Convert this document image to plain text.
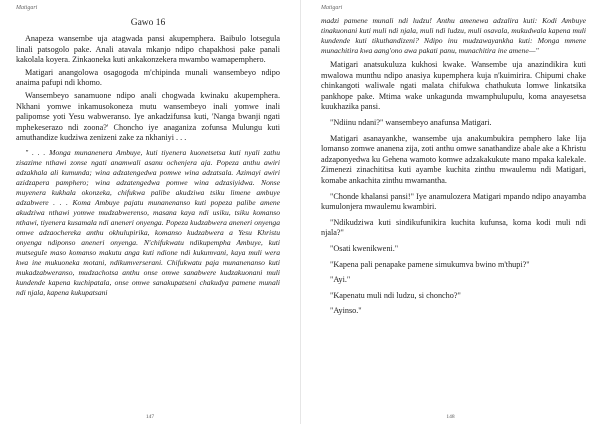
Matigari
Gawo 16

Anapeza wansembe uja atagwada pansi akupemphera. Baibulo lotsegula linali patsogolo pake. Anali atavala mkanjo ndipo chapakhosi pake panali kakolala koyera. Zinkaoneka kuti ankakonzekera mwambo wamapemphero.

Matigari anangolowa osagogoda m'chipinda munali wansembeyo ndipo anaima pafupi ndi khomo.

Wansembeyo sanamuone ndipo anali chogwada kwinaku akupemphera. Nkhani yomwe inkamusokoneza mutu wansembeyo inali yomwe inali palipomse yoti Yesu wabweranso. Iye ankadzifunsa kuti, 'Nanga bwanji ngati mphekeserazo ndi zoona?' Choncho iye anaganiza zofunsa Mulungu kuti amuthandize kudziwa zenizeni zake za nkhaniyi . . .

" . . . Monga munanenera Ambuye, kuti tiyenera kuonetsetsa kuti nyali zathu zisazime nthawi zonse ngati anamwali asanu ochenjera aja. Popeza anthu awiri adzakhala ali kumunda; wina adzatengedwa pomwe wina adzatsala. Azimayi awiri azidzapera pamphero; wina adzatengedwa pomwe wina adzasiyidwa. Nonse muyenera kukhala okonzeka, chifukwa palibe akudziwa tsiku limene ambuye adzabwere . . . Koma Ambuye pajatu munanenanso kuti popeza palibe amene akudziwa nthawi yomwe mudzabwerenso, masana kaya ndi usiku, tsiku komanso nthawi, tiyenera kusamala ndi aneneri onyenga. Popeza kudzabwera aneneri onyenga omwe adzaochereka anthu okhulupirika, komanso kudzabwera a Yesu Khristu onyenga ndiponso aneneri onyenga. N'chifukwatu ndikupempha Ambuye, kuti mutseguIe maso komanso makutu anga kuti ndione ndi kukumvani, kaya muli wera kwa ine mukuoneka motani, ndikumverserani. Chifukwatu paja munanenanso kuti mukadzabweranso, mudzachotsa anthu onse omwe sanabwere kudzakuonani muli kundende kapena kuchipatala, onse omwe sanakupatseni chakudya pamene munali ndi njala, kapena kukupatsani

147
Matigari

madzi pamene munali ndi ludzu! Anthu amenewa adzalira kuti: Kodi Ambuye tinakuonani kuti muli ndi njala, muli ndi ludzu, muli osavala, mukudwala kapena muli kundende kuti tikuthandizeni? Ndipo inu mudzawayankha kuti: Monga mmene munachitira kwa aang'ono awa pakati panu, munachitira ine amene—"

Matigari anatsukuluza kukhosi kwake. Wansembe uja anazindikira kuti mwalowa munthu ndipo anasiya kupemphera kuja n'kuimirira. Chipumi chake chinkangoti waliwale ngati malata chifukwa chathukuta lomwe linkatsika pankhope pake. Mtima wake unkagunda mwamphulupulu, koma anayesetsa kuukhazika pansi.

"Ndiinu ndani?" wansembeyo anafunsa Matigari.

Matigari asanayankhe, wansembe uja anakumbukira pemphero lake lija lomanso zomwe ananena zija, zoti anthu omwe sanathandize abale ake a Khristu adzaponyedwa ku Gehena wamoto komwe adzakakukute mano mpaka kalekale. Zimenezi zinachititsa kuti ayambe kuchita zinthu mwaulemu ndi Matigari, komabe ankachita zinthu mwamantha.

"Chonde khalansi pansi!" Iye anamulozera Matigari mpando ndipo anayamba kumulonjera mwaulemu kwambiri.

"Ndikudziwa kuti sindikufunikira kuchita kufunsa, koma kodi muli ndi njala?"

"Osati kwenikweni."

"Kapena pali penapake pamene simukumva bwino m'thupi?"

"Ayi."

"Kapenatu muli ndi ludzu, si choncho?"

"Ayinso."

148
